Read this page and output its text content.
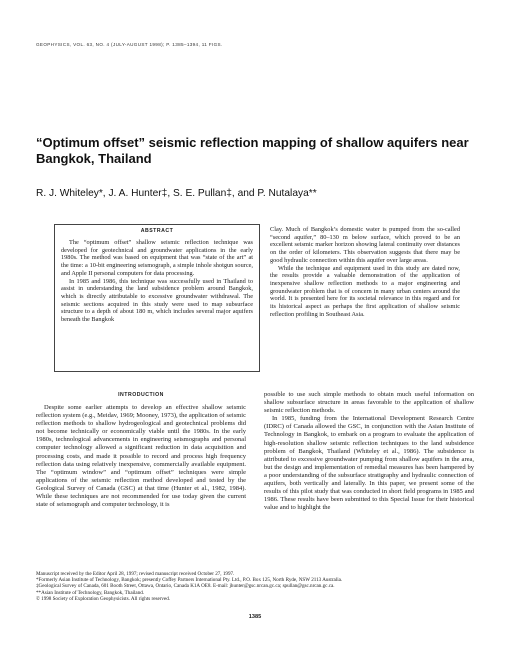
GEOPHYSICS, VOL. 63, NO. 4 (JULY-AUGUST 1998); P. 1385–1394, 11 FIGS.
“Optimum offset” seismic reflection mapping of shallow aquifers near Bangkok, Thailand
R. J. Whiteley*, J. A. Hunter‡, S. E. Pullan‡, and P. Nutalaya**
ABSTRACT

The “optimum offset” shallow seismic reflection technique was developed for geotechnical and groundwater applications in the early 1980s. The method was based on equipment that was “state of the art” at the time: a 10-bit engineering seismograph, a simple inhole shotgun source, and Apple II personal computers for data processing.

In 1985 and 1986, this technique was successfully used in Thailand to assist in understanding the land subsidence problem around Bangkok, which is directly attributable to excessive groundwater withdrawal. The seismic sections acquired in this study were used to map subsurface structure to a depth of about 180 m, which includes several major aquifers beneath the Bangkok

Clay. Much of Bangkok’s domestic water is pumped from the so-called “second aquifer,” 80–130 m below surface, which proved to be an excellent seismic marker horizon showing lateral continuity over distances on the order of kilometers. This observation suggests that there may be good hydraulic connection within this aquifer over large areas.

While the technique and equipment used in this study are dated now, the results provide a valuable demonstration of the application of inexpensive shallow reflection methods to a major engineering and groundwater problem that is of concern in many urban centers around the world. It is presented here for its societal relevance in this regard and for its historical aspect as perhaps the first application of shallow seismic reflection profiling in Southeast Asia.

INTRODUCTION

Despite some earlier attempts to develop an effective shallow seismic reflection system (e.g., Meidav, 1969; Mooney, 1973), the application of seismic reflection methods to shallow hydrogeological and geotechnical problems did not become technically or economically viable until the 1980s. In the early 1980s, technological advancements in engineering seismographs and personal computer technology allowed a significant reduction in data acquisition and processing costs, and made it possible to record and process high frequency reflection data using relatively inexpensive, commercially available equipment. The “optimum window” and “optimum offset” techniques were simple applications of the seismic reflection method developed and tested by the Geological Survey of Canada (GSC) at that time (Hunter et al., 1982, 1984). While these techniques are not recommended for use today given the current state of seismograph and computer technology, it is

possible to use such simple methods to obtain much useful information on shallow subsurface structure in areas favorable to the application of shallow seismic reflection methods.

In 1985, funding from the International Development Research Centre (IDRC) of Canada allowed the GSC, in conjunction with the Asian Institute of Technology in Bangkok, to embark on a program to evaluate the application of high-resolution shallow seismic reflection techniques to the land subsidence problem of Bangkok, Thailand (Whiteley et al., 1986). The subsidence is attributed to excessive groundwater pumping from shallow aquifers in the area, but the design and implementation of remedial measures has been hampered by a poor understanding of the subsurface stratigraphy and hydraulic connection of aquifers, both vertically and laterally. In this paper, we present some of the results of this pilot study that was conducted in short field programs in 1985 and 1986. These results have been submitted to this Special Issue for their historical value and to highlight the

Manuscript received by the Editor April 28, 1997; revised manuscript received October 27, 1997.
*Formerly Asian Institute of Technology, Bangkok; presently Coffey Partners International Pty. Ltd., P.O. Box 125, North Ryde, NSW 2113 Australia.
‡Geological Survey of Canada, 601 Booth Street, Ottawa, Ontario, Canada K1A OE8. E-mail: jhunter@gsc.nrcan.gc.ca; spullan@gsc.nrcan.gc.ca.
**Asian Institute of Technology, Bangkok, Thailand.
© 1998 Society of Exploration Geophysicists. All rights reserved.
1385
